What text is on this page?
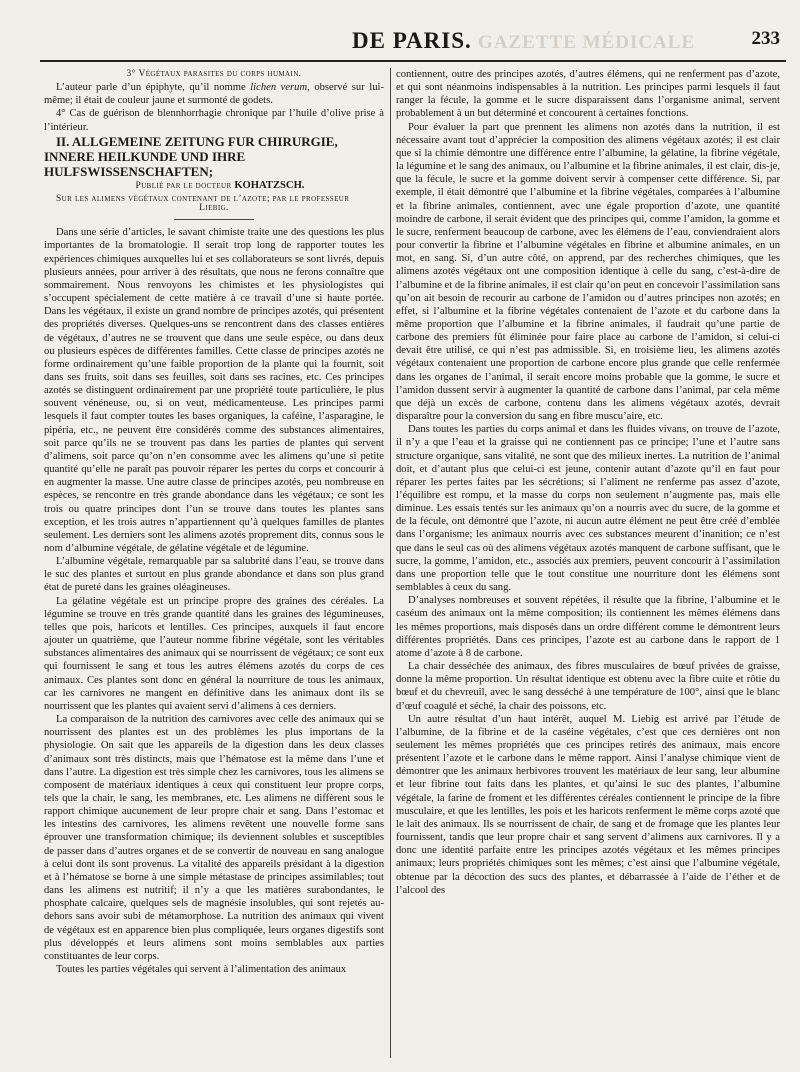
GAZETTE MÉDICALE
DE PARIS.	233

3° Végétaux parasites du corps humain.

L’auteur parle d’un épiphyte, qu’il nomme lichen verum, observé sur lui-même; il était de couleur jaune et surmonté de godets.

4° Cas de guérison de blennhorrhagie chronique par l’huile d’olive prise à l’intérieur.

II. ALLGEMEINE ZEITUNG FUR CHIRURGIE, INNERE HEILKUNDE UND IHRE HULFSWISSENSCHAFTEN;

Publié par le docteur KOHATZSCH.

Sur les alimens végétaux contenant de l’azote; par le professeur

Liebig.

Dans une série d’articles, le savant chimiste traite une des questions les plus importantes de la bromatologie. Il serait trop long de rapporter toutes les expériences chimiques auxquelles lui et ses collaborateurs se sont livrés, depuis plusieurs années, pour arriver à des résultats, que nous ne ferons connaître que sommairement. Nous renvoyons les chimistes et les physiologistes qui s’occupent spécialement de cette matière à ce travail d’une si haute portée. Dans les végétaux, il existe un grand nombre de principes azotés, qui présentent des propriétés diverses. Quelques-uns se rencontrent dans des classes entières de végétaux, d’autres ne se trouvent que dans une seule espèce, ou dans deux ou plusieurs espèces de différentes familles. Cette classe de principes azotés ne forme ordinairement qu’une faible proportion de la plante qui la fournit, soit dans ses fruits, soit dans ses feuilles, soit dans ses racines, etc. Ces principes azotés se distinguent ordinairement par une propriété toute particulière, le plus souvent vénéneuse, ou, si on veut, médicamenteuse. Les principes parmi lesquels il faut compter toutes les bases organiques, la caféine, l’asparagine, le pipéria, etc., ne peuvent être considérés comme des substances alimentaires, soit parce qu’ils ne se trouvent pas dans les parties de plantes qui servent d’alimens, soit parce qu’on n’en consomme avec les alimens qu’une si petite quantité qu’elle ne paraît pas pouvoir réparer les pertes du corps et concourir à en augmenter la masse. Une autre classe de principes azotés, peu nombreuse en espèces, se rencontre en très grande abondance dans les végétaux; ce sont les trois ou quatre principes dont l’un se trouve dans toutes les plantes sans exception, et les trois autres n’appartiennent qu’à quelques familles de plantes seulement. Les derniers sont les alimens azotés proprement dits, connus sous le nom d’albumine végétale, de gélatine végétale et de légumine.

L’albumine végétale, remarquable par sa salubrité dans l’eau, se trouve dans le suc des plantes et surtout en plus grande abondance et dans son plus grand état de pureté dans les graines oléagineuses.

La gélatine végétale est un principe propre des graines des céréales. La légumine se trouve en très grande quantité dans les graines des légumineuses, telles que pois, haricots et lentilles. Ces principes, auxquels il faut encore ajouter un quatrième, que l’auteur nomme fibrine végétale, sont les véritables substances alimentaires des animaux qui se nourrissent de végétaux; ce sont eux qui fournissent le sang et tous les autres élémens azotés du corps de ces animaux. Ces plantes sont donc en général la nourriture de tous les animaux, car les carnivores ne mangent en définitive dans les animaux dont ils se nourrissent que les plantes qui avaient servi d’alimens à ces derniers.

La comparaison de la nutrition des carnivores avec celle des animaux qui se nourrissent des plantes est un des problèmes les plus importans de la physiologie. On sait que les appareils de la digestion dans les deux classes d’animaux sont très distincts, mais que l’hématose est la même dans l’une et dans l’autre. La digestion est très simple chez les carnivores, tous les alimens se composent de matériaux identiques à ceux qui constituent leur propre corps, tels que la chair, le sang, les membranes, etc. Les alimens ne diffèrent sous le rapport chimique aucunement de leur propre chair et sang. Dans l’estomac et les intestins des carnivores, les alimens revêtent une nouvelle forme sans éprouver une transformation chimique; ils deviennent solubles et susceptibles de passer dans d’autres organes et de se convertir de nouveau en sang analogue à celui dont ils sont provenus. La vitalité des appareils présidant à la digestion et à l’hématose se borne à une simple métastase de principes assimilables; tout dans les alimens est nutritif; il n’y a que les matières surabondantes, le phosphate calcaire, quelques sels de magnésie insolubles, qui sont rejetés au-dehors sans avoir subi de métamorphose. La nutrition des animaux qui vivent de végétaux est en apparence bien plus compliquée, leurs organes digestifs sont plus développés et leurs alimens sont moins semblables aux parties constituantes de leur corps.

Toutes les parties végétales qui servent à l’alimentation des animaux

contiennent, outre des principes azotés, d’autres élémens, qui ne renferment pas d’azote, et qui sont néanmoins indispensables à la nutrition. Les principes parmi lesquels il faut ranger la fécule, la gomme et le sucre disparaissent dans l’organisme animal, servent probablement à un but déterminé et concourent à certaines fonctions.

Pour évaluer la part que prennent les alimens non azotés dans la nutrition, il est nécessaire avant tout d’apprécier la composition des alimens végétaux azotés; il est clair que si la chimie démontre une différence entre l’albumine, la gélatine, la fibrine végétale, la légumine et le sang des animaux, ou l’albumine et la fibrine animales, il est clair, dis-je, que la fécule, le sucre et la gomme doivent servir à compenser cette différence. Si, par exemple, il était démontré que l’albumine et la fibrine végétales, comparées à l’albumine et la fibrine animales, contiennent, avec une égale proportion d’azote, une quantité moindre de carbone, il serait évident que des principes qui, comme l’amidon, la gomme et le sucre, renferment beaucoup de carbone, avec les élémens de l’eau, conviendraient alors pour convertir la fibrine et l’albumine végétales en fibrine et albumine animales, en un mot, en sang. Si, d’un autre côté, on apprend, par des recherches chimiques, que les alimens azotés végétaux ont une composition identique à celle du sang, c’est-à-dire de l’albumine et de la fibrine animales, il est clair qu’on peut en concevoir l’assimilation sans qu’on ait besoin de recourir au carbone de l’amidon ou d’autres principes non azotés; en effet, si l’albumine et la fibrine végétales contenaient de l’azote et du carbone dans la même proportion que l’albumine et la fibrine animales, il faudrait qu’une partie de carbone des premiers fût éliminée pour faire place au carbone de l’amidon, si celui-ci devait être utilisé, ce qui n’est pas admissible. Si, en troisième lieu, les alimens azotés végétaux contenaient une proportion de carbone encore plus grande que celle renfermée dans les organes de l’animal, il serait encore moins probable que la gomme, le sucre et l’amidon dussent servir à augmenter la quantité de carbone dans l’animal, par cela même que déjà un excès de carbone, contenu dans les alimens végétaux azotés, devrait disparaître pour la conversion du sang en fibre muscu’aire, etc.

Dans toutes les parties du corps animal et dans les fluides vivans, on trouve de l’azote, il n’y a que l’eau et la graisse qui ne contiennent pas ce principe; l’une et l’autre sans structure organique, sans vitalité, ne sont que des milieux inertes. La nutrition de l’animal doit, et d’autant plus que celui-ci est jeune, contenir autant d’azote qu’il en faut pour réparer les pertes faites par les sécrétions; si l’aliment ne renferme pas assez d’azote, l’équilibre est rompu, et la masse du corps non seulement n’augmente pas, mais elle diminue. Les essais tentés sur les animaux qu’on a nourris avec du sucre, de la gomme et de la fécule, ont démontré que l’azote, ni aucun autre élément ne peut être créé d’emblée dans l’organisme; les animaux nourris avec ces substances meurent d’inanition; ce n’est que dans le seul cas où des alimens végétaux azotés manquent de carbone suffisant, que le sucre, la gomme, l’amidon, etc., associés aux premiers, peuvent concourir à l’assimilation dans une proportion telle que le tout constitue une nourriture dont les élémens sont semblables à ceux du sang.

D’analyses nombreuses et souvent répétées, il résulte que la fibrine, l’albumine et le caséum des animaux ont la même composition; ils contiennent les mêmes élémens dans les mêmes proportions, mais disposés dans un ordre différent comme le démontrent leurs différentes propriétés. Dans ces principes, l’azote est au carbone dans le rapport de 1 atome d’azote à 8 de carbone.

La chair desséchée des animaux, des fibres musculaires de bœuf privées de graisse, donne la même proportion. Un résultat identique est obtenu avec la fibre cuite et rôtie du bœuf et du chevreuil, avec le sang desséché à une température de 100°, ainsi que le blanc d’œuf coagulé et séché, la chair des poissons, etc.

Un autre résultat d’un haut intérêt, auquel M. Liebig est arrivé par l’étude de l’albumine, de la fibrine et de la caséine végétales, c’est que ces dernières ont non seulement les mêmes propriétés que ces principes retirés des animaux, mais encore présentent l’azote et le carbone dans le même rapport. Ainsi l’analyse chimique vient de démontrer que les animaux herbivores trouvent les matériaux de leur sang, leur albumine et leur fibrine tout faits dans les plantes, et qu’ainsi le suc des plantes, l’albumine végétale, la farine de froment et les différentes céréales contiennent le principe de la fibre musculaire, et que les lentilles, les pois et les haricots renferment le même corps azoté que le lait des animaux. Ils se nourrissent de chair, de sang et de fromage que les plantes leur fournissent, tandis que leur propre chair et sang servent d’alimens aux carnivores. Il y a donc une identité parfaite entre les principes azotés végétaux et les mêmes principes animaux; leurs propriétés chimiques sont les mêmes; c’est ainsi que l’albumine végétale, obtenue par la décoction des sucs des plantes, et débarrassée à l’aide de l’éther et de l’alcool des
